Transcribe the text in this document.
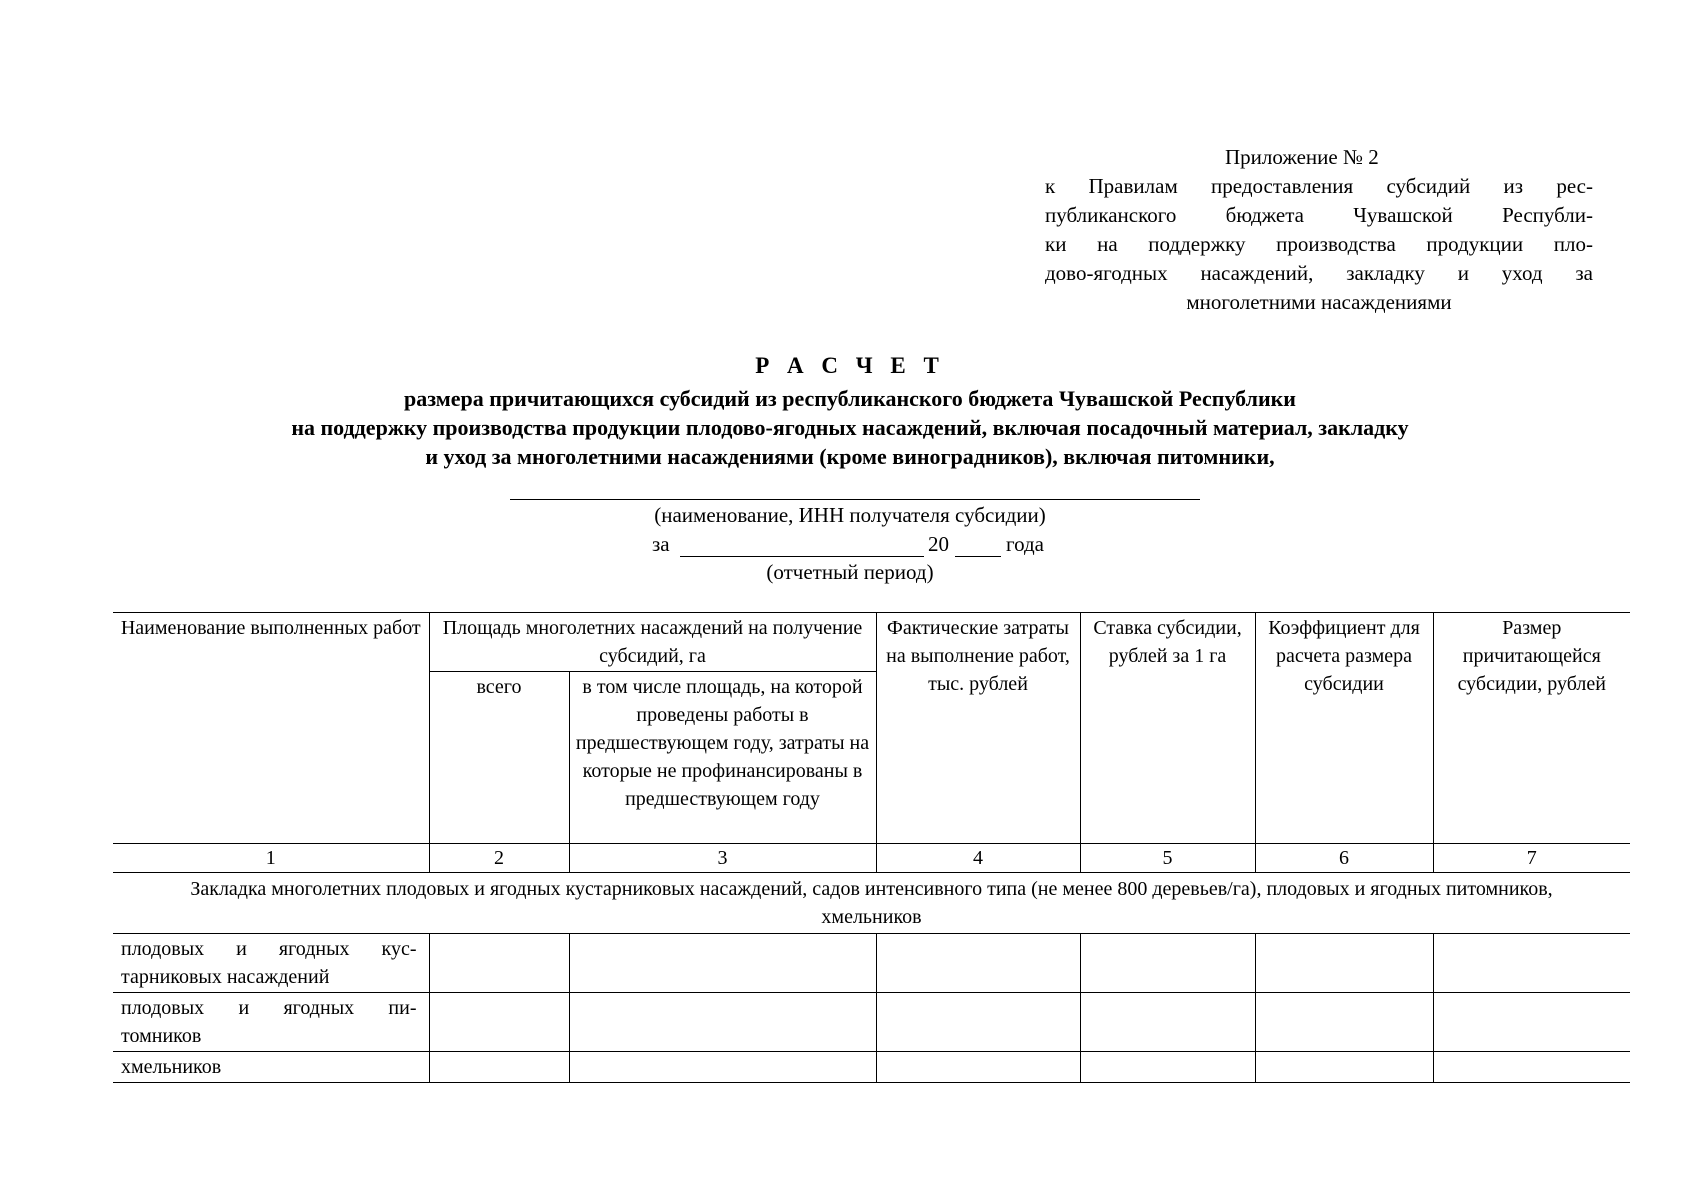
Приложение № 2
к Правилам предоставления субсидий из рес-
публиканского бюджета Чувашской Республи-
ки на поддержку производства продукции пло-
дово-ягодных насаждений, закладку и уход за
многолетними насаждениями
Р А С Ч Е Т
размера причитающихся субсидий из республиканского бюджета Чувашской Республики
на поддержку производства продукции плодово-ягодных насаждений, включая посадочный материал, закладку
и уход за многолетними насаждениями (кроме виноградников), включая питомники,
(наименование, ИНН получателя субсидии)
за	20	года
(отчетный период)
Наименование выполненных работ	Площадь многолетних насаждений на получение субсидий, га		Фактические затраты на выполнение работ, тыс. рублей	Ставка субсидии, рублей за 1 га	Коэффициент для расчета размера субсидии	Размер причитающейся субсидии, рублей
	всего	в том числе площадь, на которой проведены работы в предшествующем году, затраты на которые не профинансированы в предшествующем году				
1	2	3	4	5	6	7
Закладка многолетних плодовых и ягодных кустарниковых насаждений, садов интенсивного типа (не менее 800 деревьев/га), плодовых и ягодных питомников, хмельников						

плодовых и ягодных кус-
тарниковых насаждений						

плодовых и ягодных пи-
томников						

хмельников						
